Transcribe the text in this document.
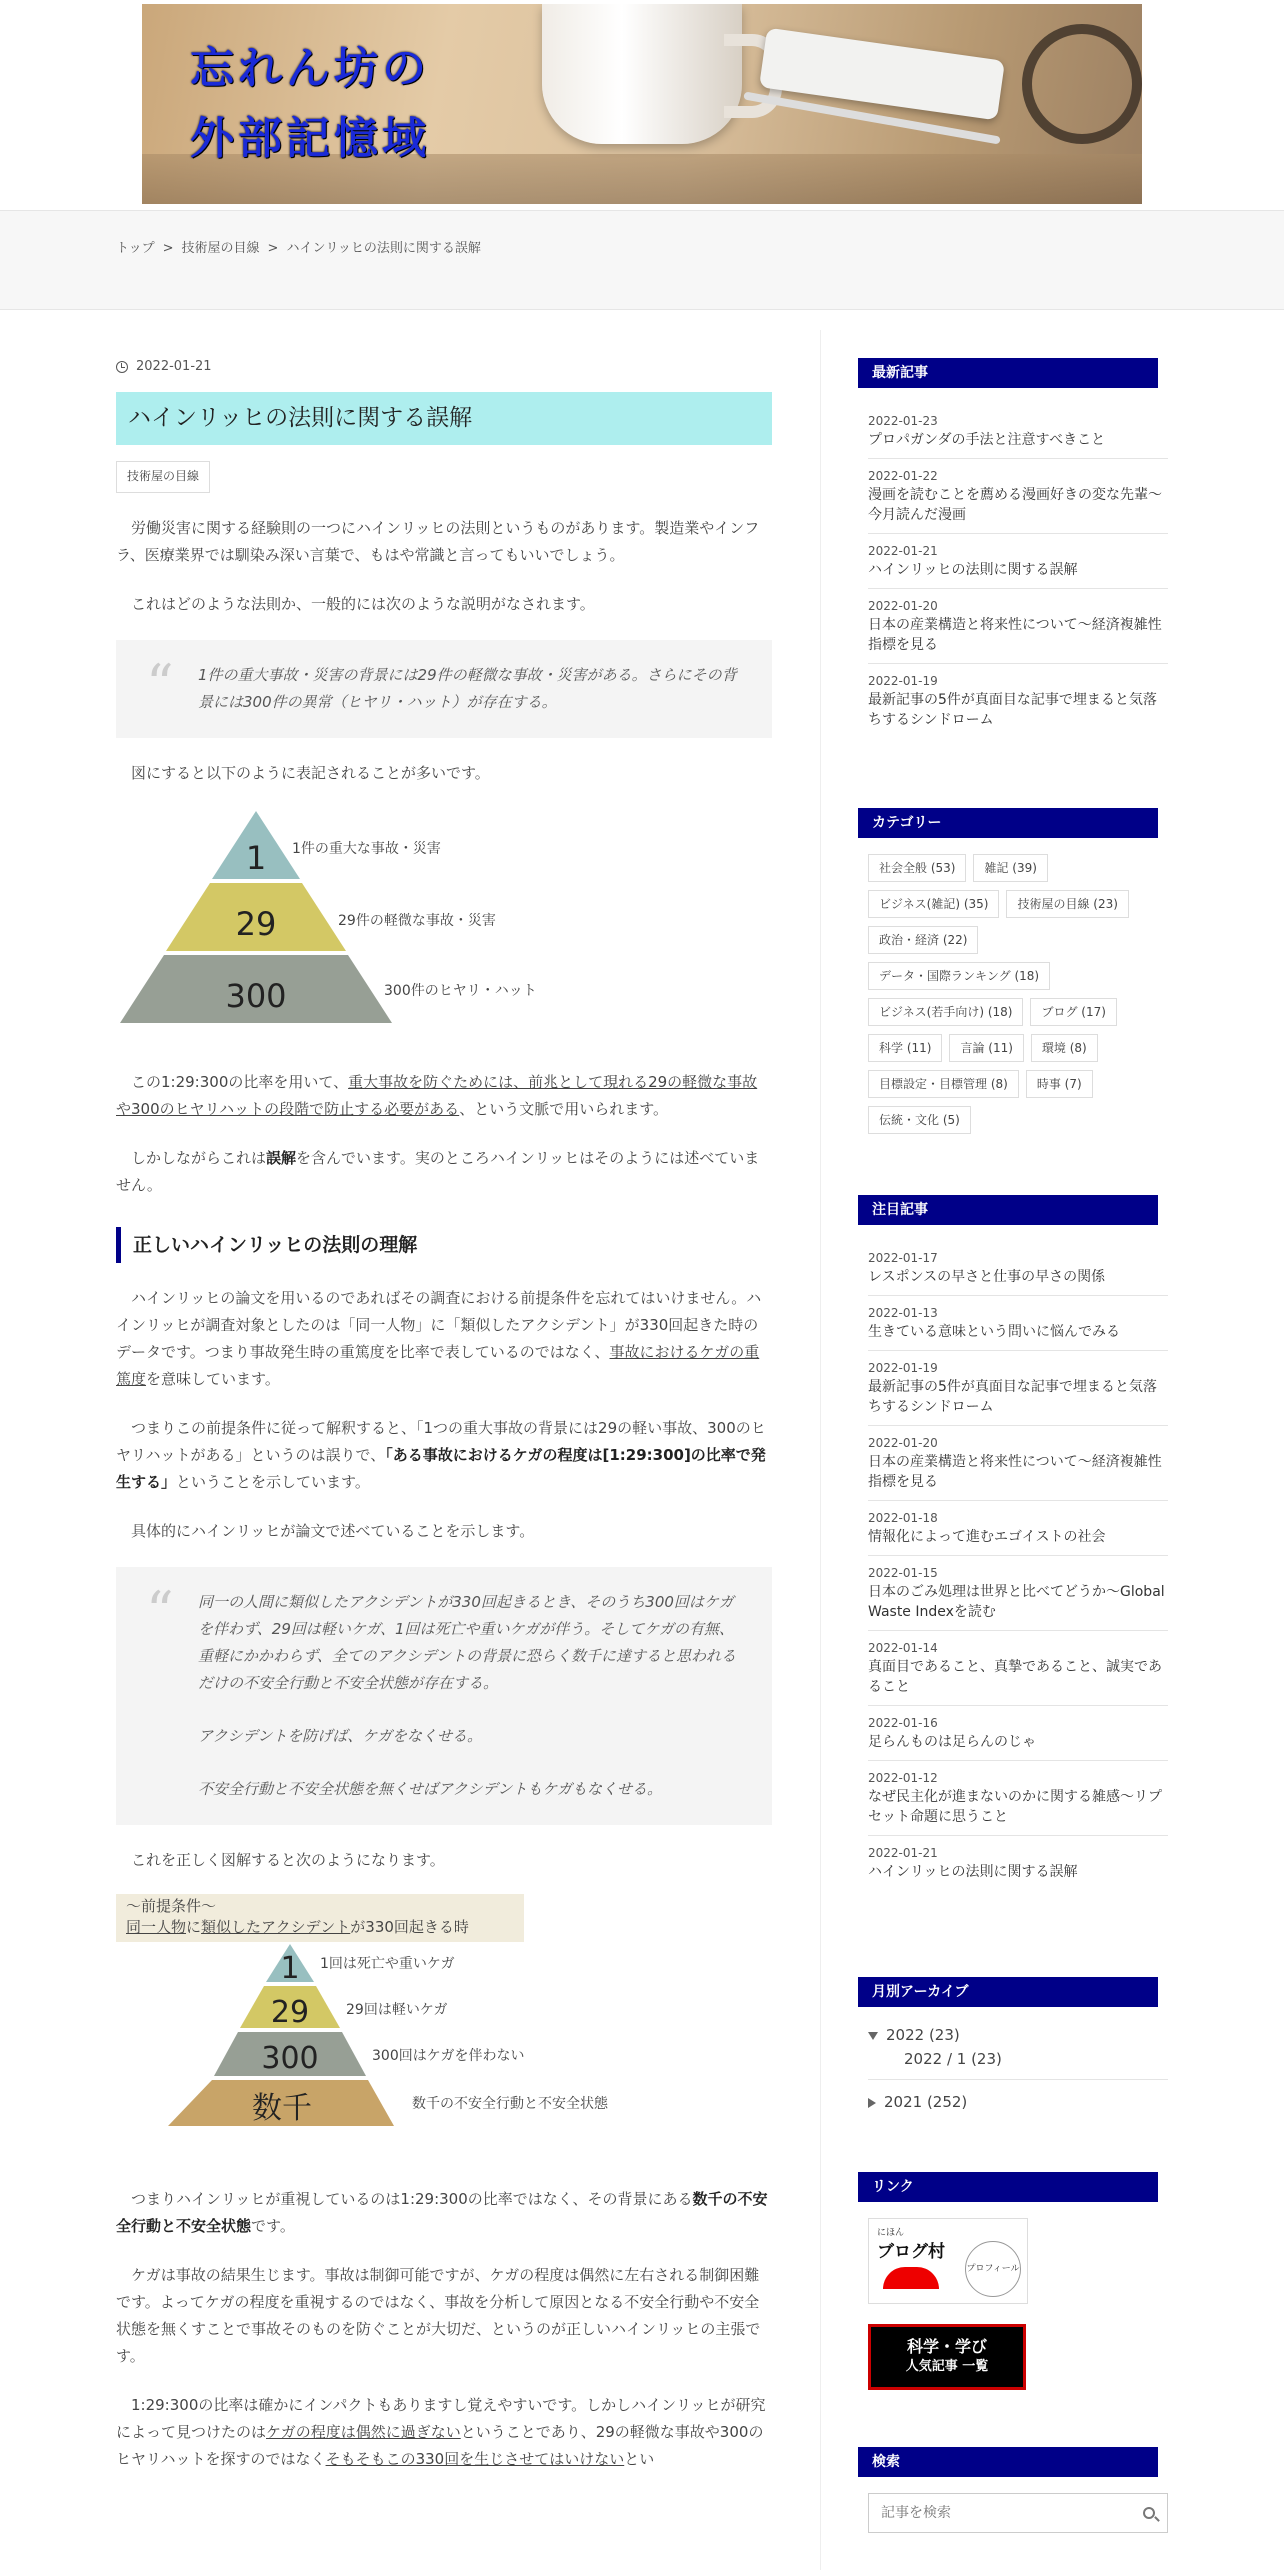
忘れん坊の
外部記憶域
トップ > 技術屋の目線 > ハインリッヒの法則に関する誤解
2022-01-21
ハインリッヒの法則に関する誤解
技術屋の目線

労働災害に関する経験則の一つにハインリッヒの法則というものがあります。製造業やインフラ、医療業界では馴染み深い言葉で、もはや常識と言ってもいいでしょう。

これはどのような法則か、一般的には次のような説明がなされます。

“ 1件の重大事故・災害の背景には29件の軽微な事故・災害がある。さらにその背景には300件の異常（ヒヤリ・ハット）が存在する。

図にすると以下のように表記されることが多いです。

1
29
300
1件の重大な事故・災害
29件の軽微な事故・災害
300件のヒヤリ・ハット

この1:29:300の比率を用いて、重大事故を防ぐためには、前兆として現れる29の軽微な事故や300のヒヤリハットの段階で防止する必要がある、という文脈で用いられます。

しかしながらこれは誤解を含んでいます。実のところハインリッヒはそのようには述べていません。

正しいハインリッヒの法則の理解

ハインリッヒの論文を用いるのであればその調査における前提条件を忘れてはいけません。ハインリッヒが調査対象としたのは「同一人物」に「類似したアクシデント」が330回起きた時のデータです。つまり事故発生時の重篤度を比率で表しているのではなく、事故におけるケガの重篤度を意味しています。

つまりこの前提条件に従って解釈すると、「1つの重大事故の背景には29の軽い事故、300のヒヤリハットがある」というのは誤りで、「ある事故におけるケガの程度は[1:29:300]の比率で発生する」ということを示しています。

具体的にハインリッヒが論文で述べていることを示します。

“ 同一の人間に類似したアクシデントが330回起きるとき、そのうち300回はケガを伴わず、29回は軽いケガ、1回は死亡や重いケガが伴う。そしてケガの有無、重軽にかかわらず、全てのアクシデントの背景に恐らく数千に達すると思われるだけの不安全行動と不安全状態が存在する。
アクシデントを防げば、ケガをなくせる。
不安全行動と不安全状態を無くせばアクシデントもケガもなくせる。

これを正しく図解すると次のようになります。

〜前提条件〜
同一人物に類似したアクシデントが330回起きる時
1
29
300
数千
1回は死亡や重いケガ
29回は軽いケガ
300回はケガを伴わない
数千の不安全行動と不安全状態

つまりハインリッヒが重視しているのは1:29:300の比率ではなく、その背景にある数千の不安全行動と不安全状態です。

ケガは事故の結果生じます。事故は制御可能ですが、ケガの程度は偶然に左右される制御困難です。よってケガの程度を重視するのではなく、事故を分析して原因となる不安全行動や不安全状態を無くすことで事故そのものを防ぐことが大切だ、というのが正しいハインリッヒの主張です。

1:29:300の比率は確かにインパクトもありますし覚えやすいです。しかしハインリッヒが研究によって見つけたのはケガの程度は偶然に過ぎないということであり、29の軽微な事故や300のヒヤリハットを探すのではなくそもそもこの330回を生じさせてはいけないとい

最新記事
2022-01-23
プロパガンダの手法と注意すべきこと
2022-01-22
漫画を読むことを薦める漫画好きの変な先輩～今月読んだ漫画
2022-01-21
ハインリッヒの法則に関する誤解
2022-01-20
日本の産業構造と将来性について～経済複雑性指標を見る
2022-01-19
最新記事の5件が真面目な記事で埋まると気落ちするシンドローム
カテゴリー
社会全般 (53)	雑記 (39)
ビジネス(雑記) (35)	技術屋の目線 (23)
政治・経済 (22)
データ・国際ランキング (18)
ビジネス(若手向け) (18)	ブログ (17)
科学 (11)	言論 (11)	環境 (8)
目標設定・目標管理 (8)	時事 (7)
伝統・文化 (5)
注目記事
2022-01-17
レスポンスの早さと仕事の早さの関係
2022-01-13
生きている意味という問いに悩んでみる
2022-01-19
最新記事の5件が真面目な記事で埋まると気落ちするシンドローム
2022-01-20
日本の産業構造と将来性について～経済複雑性指標を見る
2022-01-18
情報化によって進むエゴイストの社会
2022-01-15
日本のごみ処理は世界と比べてどうか～Global Waste Indexを読む
2022-01-14
真面目であること、真摯であること、誠実であること
2022-01-16
足らんものは足らんのじゃ
2022-01-12
なぜ民主化が進まないのかに関する雑感〜リプセット命題に思うこと
2022-01-21
ハインリッヒの法則に関する誤解
月別アーカイブ
2022 (23)
2022 / 1 (23)
2021 (252)
リンク
にほん
ブログ村
プロフィール
科学・学び
人気記事 一覧
検索
記事を検索
